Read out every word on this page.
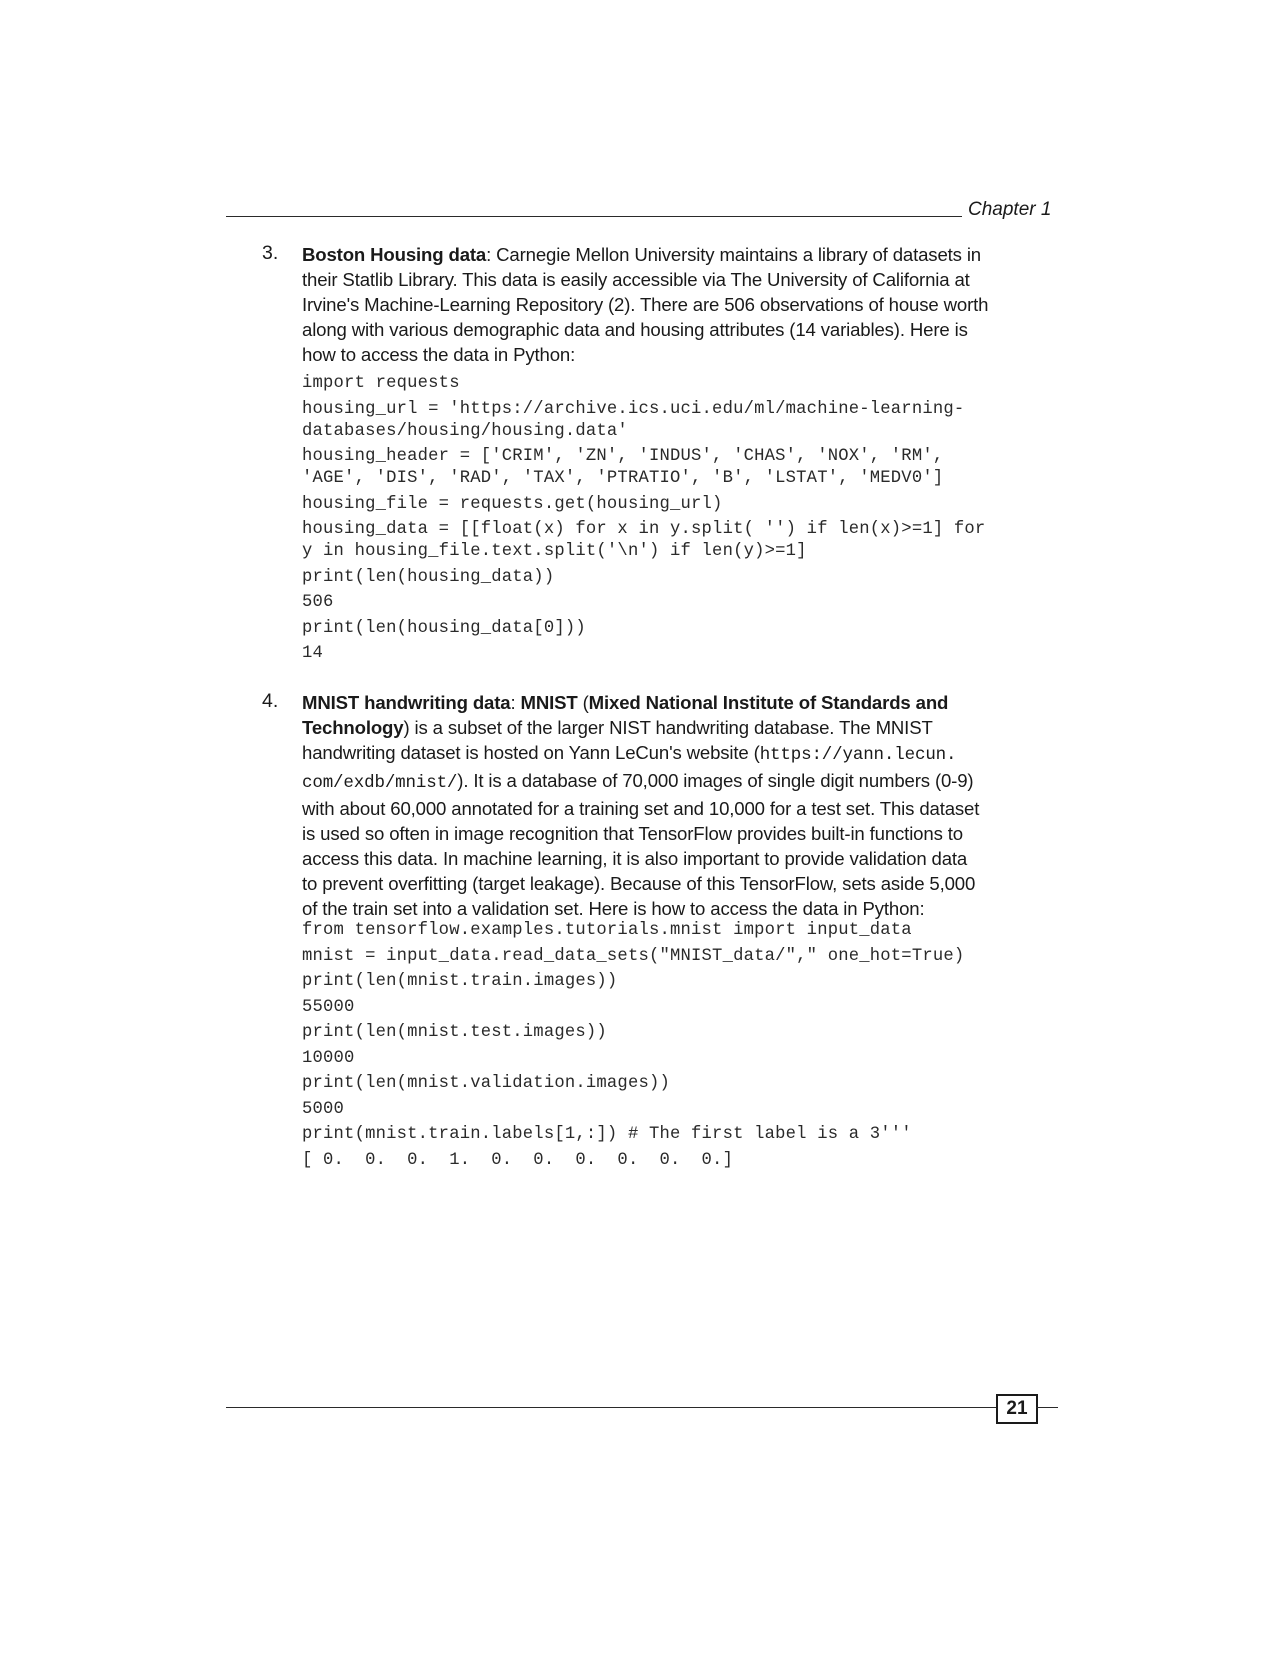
Chapter 1
3. Boston Housing data: Carnegie Mellon University maintains a library of datasets in
their Statlib Library. This data is easily accessible via The University of California at
Irvine's Machine-Learning Repository (2). There are 506 observations of house worth
along with various demographic data and housing attributes (14 variables). Here is
how to access the data in Python:

import requests
housing_url = 'https://archive.ics.uci.edu/ml/machine-learning-
databases/housing/housing.data'
housing_header = ['CRIM', 'ZN', 'INDUS', 'CHAS', 'NOX', 'RM',
'AGE', 'DIS', 'RAD', 'TAX', 'PTRATIO', 'B', 'LSTAT', 'MEDV0']
housing_file = requests.get(housing_url)
housing_data = [[float(x) for x in y.split( '') if len(x)>=1] for
y in housing_file.text.split('\n') if len(y)>=1]
print(len(housing_data))
506
print(len(housing_data[0]))
14
4. MNIST handwriting data: MNIST (Mixed National Institute of Standards and
Technology) is a subset of the larger NIST handwriting database. The MNIST
handwriting dataset is hosted on Yann LeCun's website (https://yann.lecun.
com/exdb/mnist/). It is a database of 70,000 images of single digit numbers (0-9)
with about 60,000 annotated for a training set and 10,000 for a test set. This dataset
is used so often in image recognition that TensorFlow provides built-in functions to
access this data. In machine learning, it is also important to provide validation data
to prevent overfitting (target leakage). Because of this TensorFlow, sets aside 5,000
of the train set into a validation set. Here is how to access the data in Python:

from tensorflow.examples.tutorials.mnist import input_data
mnist = input_data.read_data_sets("MNIST_data/"," one_hot=True)
print(len(mnist.train.images))
55000
print(len(mnist.test.images))
10000
print(len(mnist.validation.images))
5000
print(mnist.train.labels[1,:]) # The first label is a 3'''
[ 0.  0.  0.  1.  0.  0.  0.  0.  0.  0.]
21
